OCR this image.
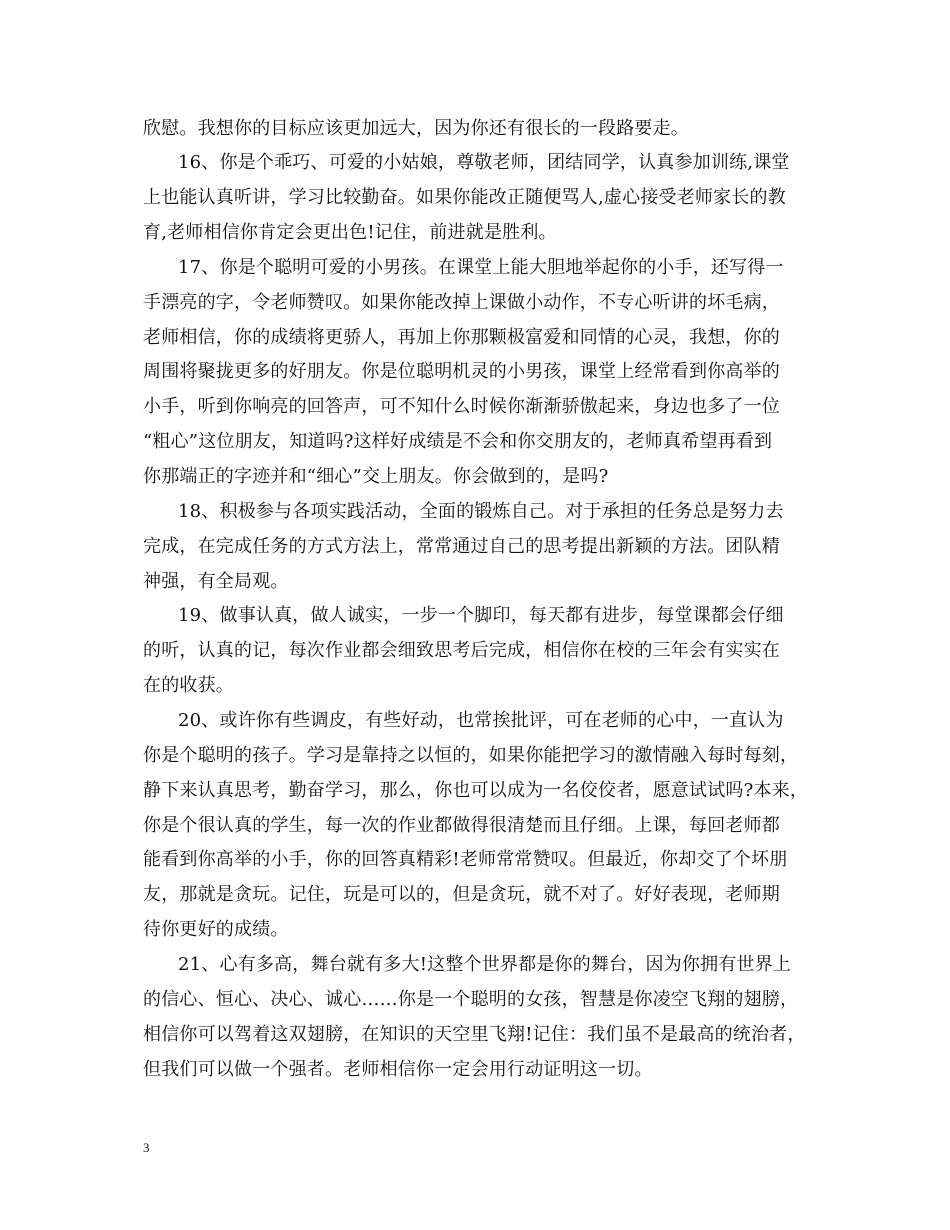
欣慰。我想你的目标应该更加远大，因为你还有很长的一段路要走。
16、你是个乖巧、可爱的小姑娘，尊敬老师，团结同学，认真参加训练,课堂
上也能认真听讲，学习比较勤奋。如果你能改正随便骂人,虚心接受老师家长的教
育,老师相信你肯定会更出色!记住，前进就是胜利。
17、你是个聪明可爱的小男孩。在课堂上能大胆地举起你的小手，还写得一
手漂亮的字，令老师赞叹。如果你能改掉上课做小动作，不专心听讲的坏毛病，
老师相信，你的成绩将更骄人，再加上你那颗极富爱和同情的心灵，我想，你的
周围将聚拢更多的好朋友。你是位聪明机灵的小男孩，课堂上经常看到你高举的
小手，听到你响亮的回答声，可不知什么时候你渐渐骄傲起来，身边也多了一位
“粗心”这位朋友，知道吗?这样好成绩是不会和你交朋友的，老师真希望再看到
你那端正的字迹并和“细心”交上朋友。你会做到的，是吗?
18、积极参与各项实践活动，全面的锻炼自己。对于承担的任务总是努力去
完成，在完成任务的方式方法上，常常通过自己的思考提出新颖的方法。团队精
神强，有全局观。
19、做事认真，做人诚实，一步一个脚印，每天都有进步，每堂课都会仔细
的听，认真的记，每次作业都会细致思考后完成，相信你在校的三年会有实实在
在的收获。
20、或许你有些调皮，有些好动，也常挨批评，可在老师的心中，一直认为
你是个聪明的孩子。学习是靠持之以恒的，如果你能把学习的激情融入每时每刻，
静下来认真思考，勤奋学习，那么，你也可以成为一名佼佼者，愿意试试吗?本来，
你是个很认真的学生，每一次的作业都做得很清楚而且仔细。上课，每回老师都
能看到你高举的小手，你的回答真精彩!老师常常赞叹。但最近，你却交了个坏朋
友，那就是贪玩。记住，玩是可以的，但是贪玩，就不对了。好好表现，老师期
待你更好的成绩。
21、心有多高，舞台就有多大!这整个世界都是你的舞台，因为你拥有世界上
的信心、恒心、决心、诚心……你是一个聪明的女孩，智慧是你凌空飞翔的翅膀，
相信你可以驾着这双翅膀，在知识的天空里飞翔!记住：我们虽不是最高的统治者，
但我们可以做一个强者。老师相信你一定会用行动证明这一切。
3
